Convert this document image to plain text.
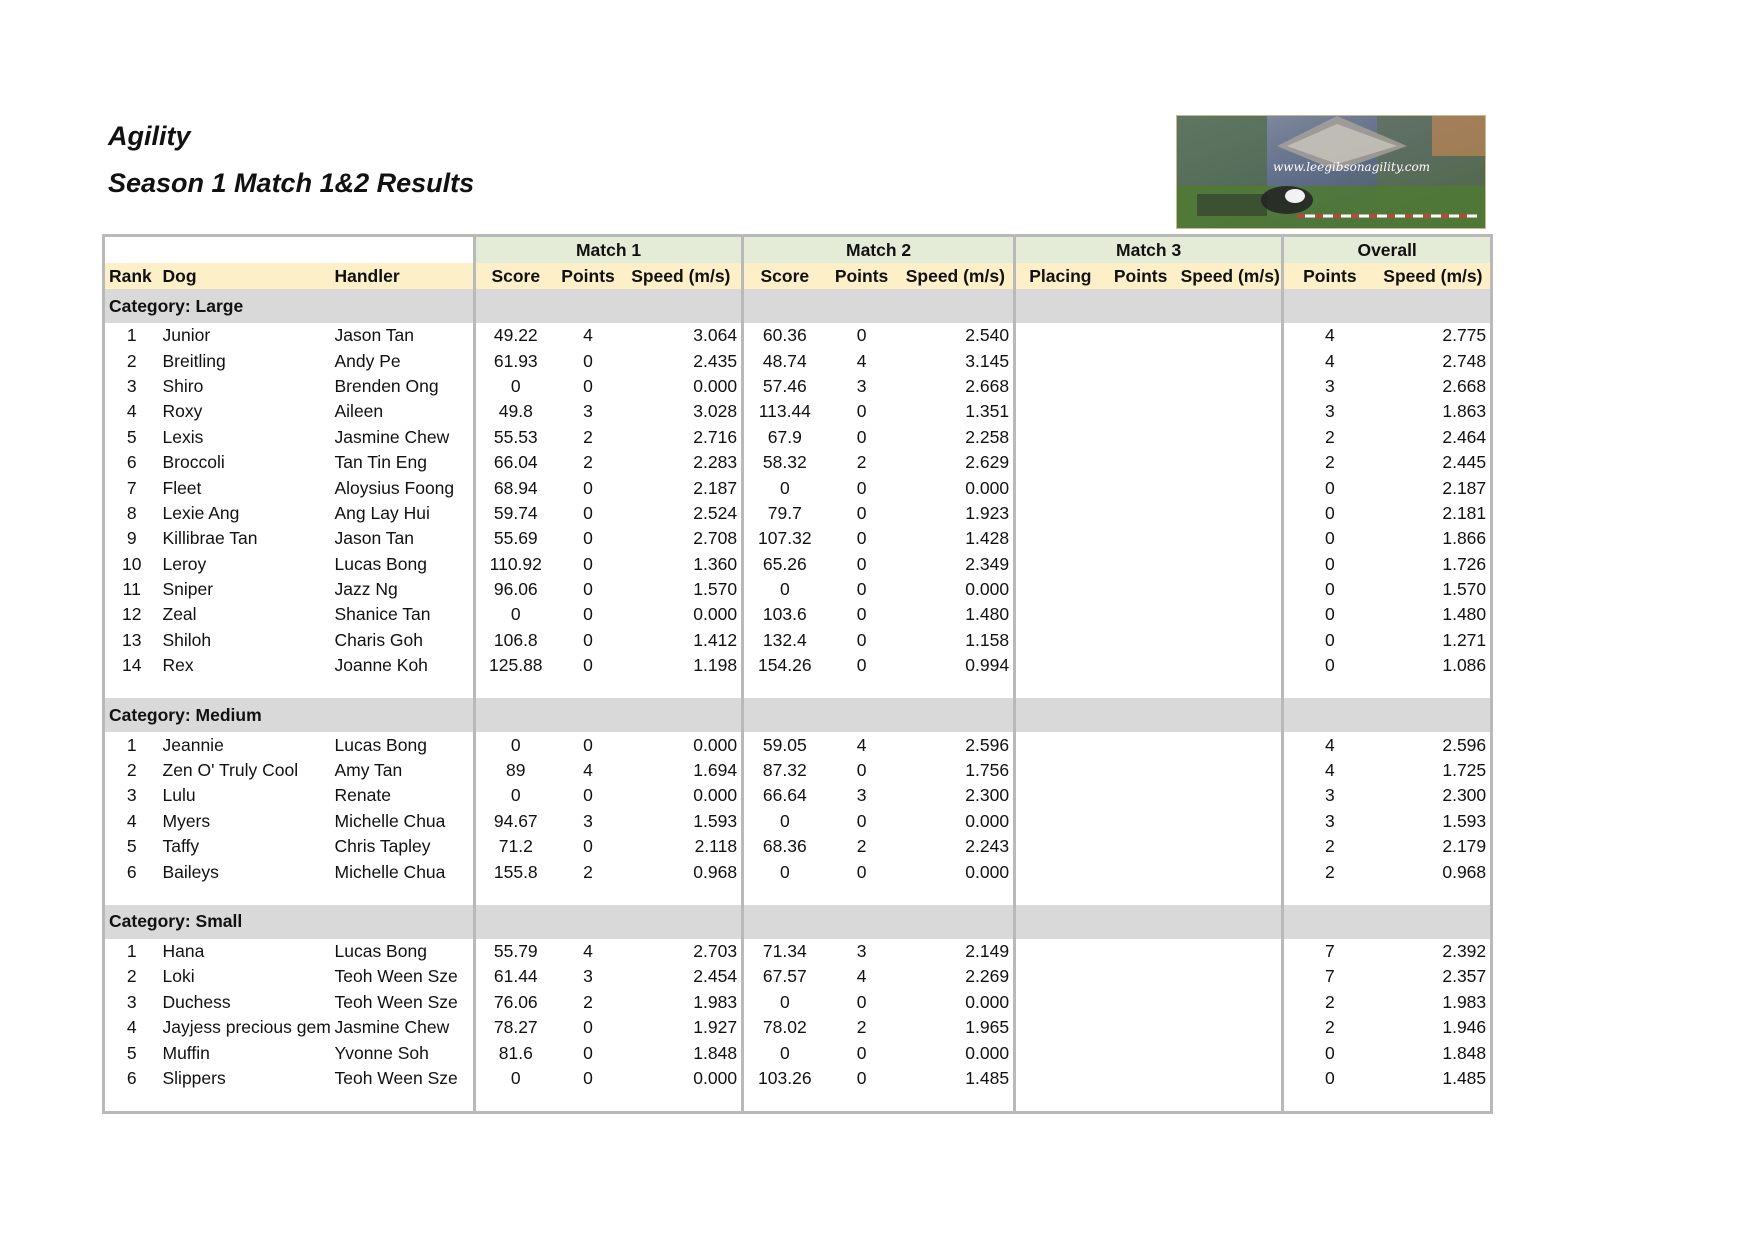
Agility
Season 1 Match 1&2 Results
www.leegibsonagility.com
			Match 1			Match 2			Match 3			Overall	
Rank	Dog	Handler	Score	Points	Speed (m/s)	Score	Points	Speed (m/s)	Placing	Points	Speed (m/s)	Points	Speed (m/s)
Category: Large													
1	Junior	Jason Tan	49.22	4	3.064	60.36	0	2.540				4	2.775
2	Breitling	Andy Pe	61.93	0	2.435	48.74	4	3.145				4	2.748
3	Shiro	Brenden Ong	0	0	0.000	57.46	3	2.668				3	2.668
4	Roxy	Aileen	49.8	3	3.028	113.44	0	1.351				3	1.863
5	Lexis	Jasmine Chew	55.53	2	2.716	67.9	0	2.258				2	2.464
6	Broccoli	Tan Tin Eng	66.04	2	2.283	58.32	2	2.629				2	2.445
7	Fleet	Aloysius Foong	68.94	0	2.187	0	0	0.000				0	2.187
8	Lexie Ang	Ang Lay Hui	59.74	0	2.524	79.7	0	1.923				0	2.181
9	Killibrae Tan	Jason Tan	55.69	0	2.708	107.32	0	1.428				0	1.866
10	Leroy	Lucas Bong	110.92	0	1.360	65.26	0	2.349				0	1.726
11	Sniper	Jazz Ng	96.06	0	1.570	0	0	0.000				0	1.570
12	Zeal	Shanice Tan	0	0	0.000	103.6	0	1.480				0	1.480
13	Shiloh	Charis Goh	106.8	0	1.412	132.4	0	1.158				0	1.271
14	Rex	Joanne Koh	125.88	0	1.198	154.26	0	0.994				0	1.086

Category: Medium													
1	Jeannie	Lucas Bong	0	0	0.000	59.05	4	2.596				4	2.596
2	Zen O' Truly Cool	Amy Tan	89	4	1.694	87.32	0	1.756				4	1.725
3	Lulu	Renate	0	0	0.000	66.64	3	2.300				3	2.300
4	Myers	Michelle Chua	94.67	3	1.593	0	0	0.000				3	1.593
5	Taffy	Chris Tapley	71.2	0	2.118	68.36	2	2.243				2	2.179
6	Baileys	Michelle Chua	155.8	2	0.968	0	0	0.000				2	0.968

Category: Small													
1	Hana	Lucas Bong	55.79	4	2.703	71.34	3	2.149				7	2.392
2	Loki	Teoh Ween Sze	61.44	3	2.454	67.57	4	2.269				7	2.357
3	Duchess	Teoh Ween Sze	76.06	2	1.983	0	0	0.000				2	1.983
4	Jayjess precious gem	Jasmine Chew	78.27	0	1.927	78.02	2	1.965				2	1.946
5	Muffin	Yvonne Soh	81.6	0	1.848	0	0	0.000				0	1.848
6	Slippers	Teoh Ween Sze	0	0	0.000	103.26	0	1.485				0	1.485
